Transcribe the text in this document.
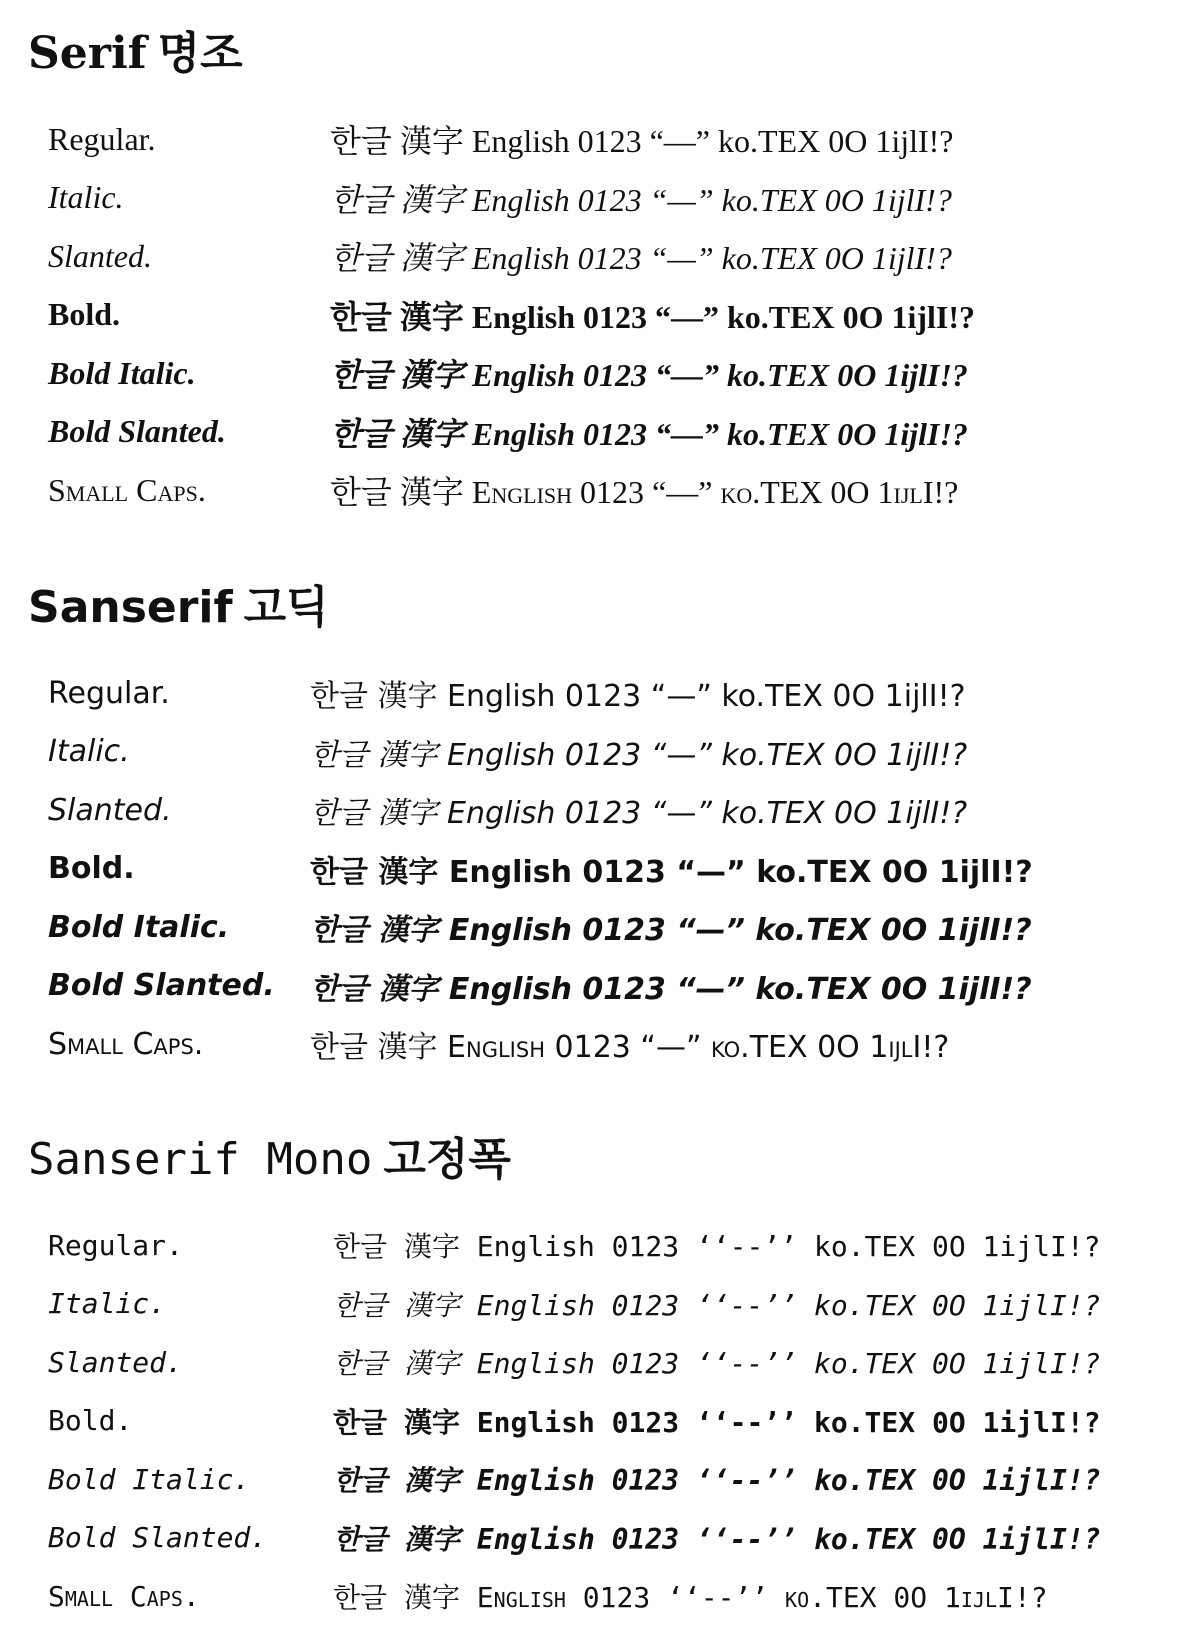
Serif 명조
Regular.	한글 漢字 English 0123 “—” ko.TEX 0O 1ijlI!?
Italic.	한글 漢字 English 0123 “—” ko.TEX 0O 1ijlI!?
Slanted.	한글 漢字 English 0123 “—” ko.TEX 0O 1ijlI!?
Bold.	한글 漢字 English 0123 “—” ko.TEX 0O 1ijlI!?
Bold Italic.	한글 漢字 English 0123 “—” ko.TEX 0O 1ijlI!?
Bold Slanted.	한글 漢字 English 0123 “—” ko.TEX 0O 1ijlI!?
Small Caps.	한글 漢字 English 0123 “—” ko.TEX 0O 1ijlI!?
Sanserif 고딕
Regular.	한글 漢字 English 0123 “—” ko.TEX 0O 1ijlI!?
Italic.	한글 漢字 English 0123 “—” ko.TEX 0O 1ijlI!?
Slanted.	한글 漢字 English 0123 “—” ko.TEX 0O 1ijlI!?
Bold.	한글 漢字 English 0123 “—” ko.TEX 0O 1ijlI!?
Bold Italic.	한글 漢字 English 0123 “—” ko.TEX 0O 1ijlI!?
Bold Slanted.	한글 漢字 English 0123 “—” ko.TEX 0O 1ijlI!?
Small Caps.	한글 漢字 English 0123 “—” ko.TEX 0O 1ijlI!?
Sanserif Mono 고정폭
Regular.	한글 漢字 English 0123 ‘‘--’’ ko.TEX 0O 1ijlI!?
Italic.	한글 漢字 English 0123 ‘‘--’’ ko.TEX 0O 1ijlI!?
Slanted.	한글 漢字 English 0123 ‘‘--’’ ko.TEX 0O 1ijlI!?
Bold.	한글 漢字 English 0123 ‘‘--’’ ko.TEX 0O 1ijlI!?
Bold Italic.	한글 漢字 English 0123 ‘‘--’’ ko.TEX 0O 1ijlI!?
Bold Slanted.	한글 漢字 English 0123 ‘‘--’’ ko.TEX 0O 1ijlI!?
Small Caps.	한글 漢字 English 0123 ‘‘--’’ ko.TEX 0O 1ijlI!?
